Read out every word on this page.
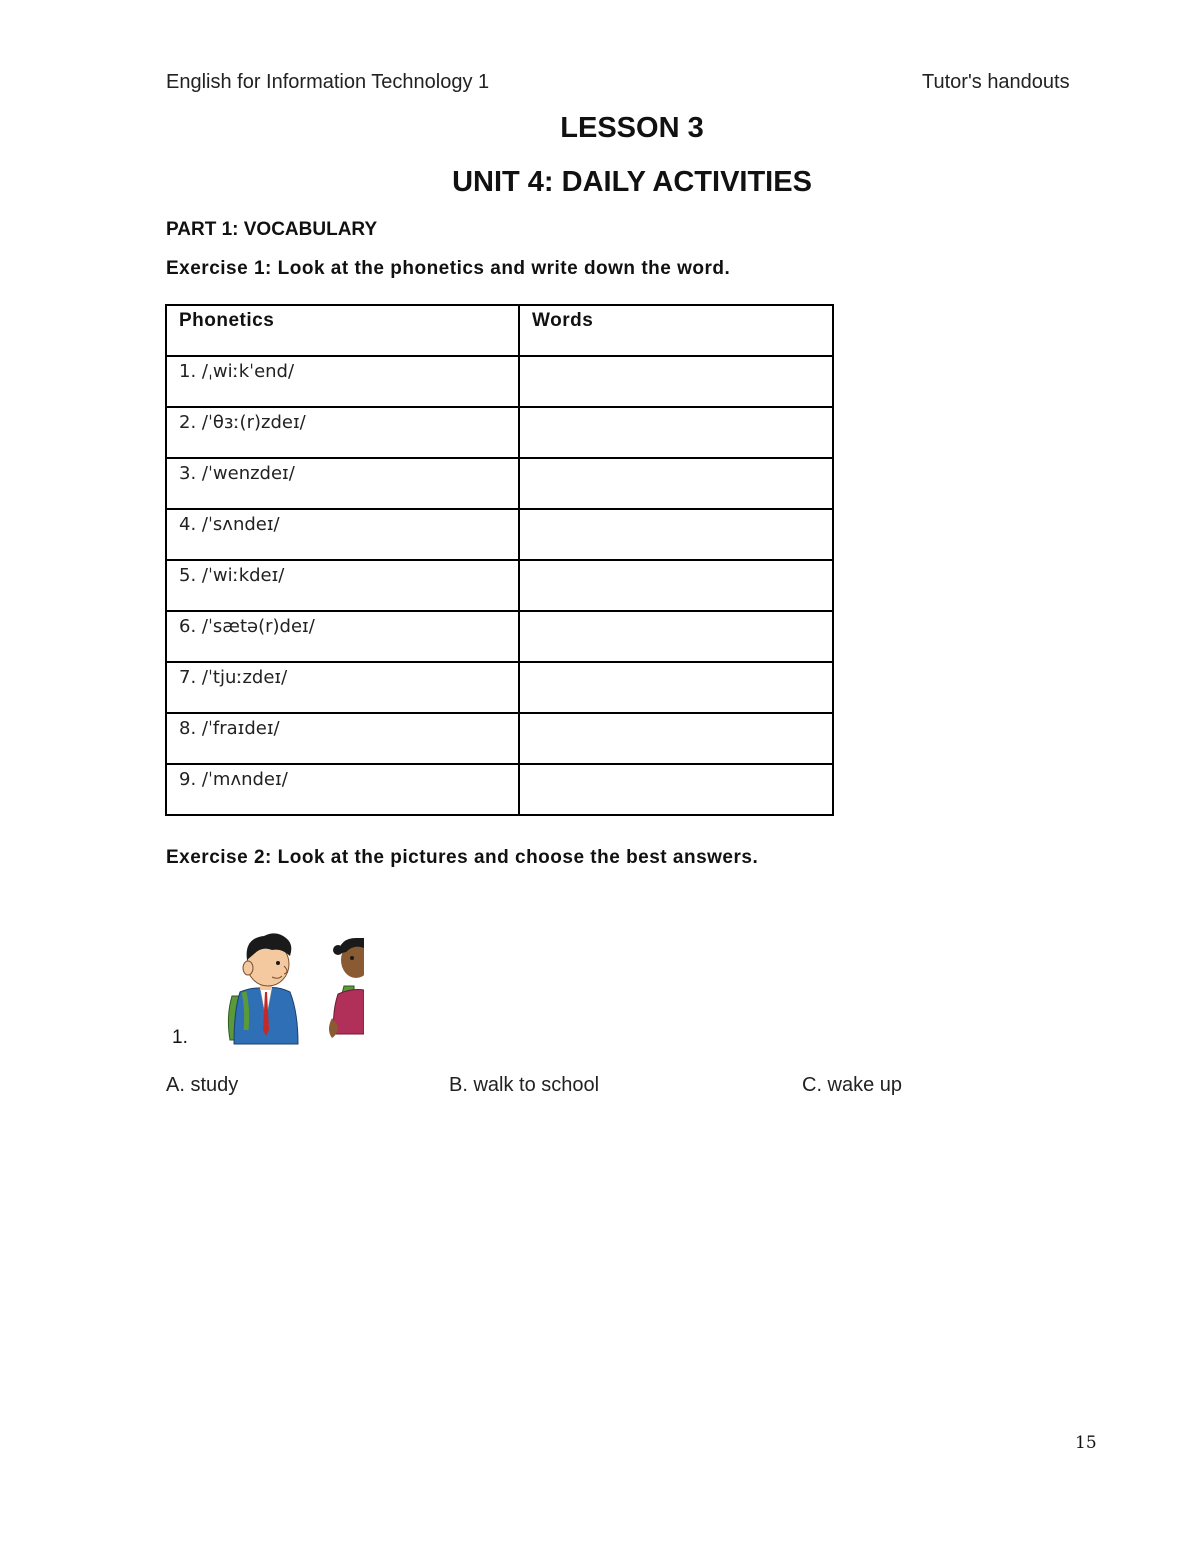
English for Information Technology 1	Tutor's handouts
LESSON 3
UNIT 4: DAILY ACTIVITIES
PART 1: VOCABULARY
Exercise 1: Look at the phonetics and write down the word.
Phonetics	Words
1. /ˌwiːkˈend/	
2. /ˈθɜː(r)zdeɪ/	
3. /ˈwenzdeɪ/	
4. /ˈsʌndeɪ/	
5. /ˈwiːkdeɪ/	
6. /ˈsætə(r)deɪ/	
7. /ˈtjuːzdeɪ/	
8. /ˈfraɪdeɪ/	
9. /ˈmʌndeɪ/	
Exercise 2: Look at the pictures and choose the best answers.
1.
A. study	B. walk to school	C. wake up
15
